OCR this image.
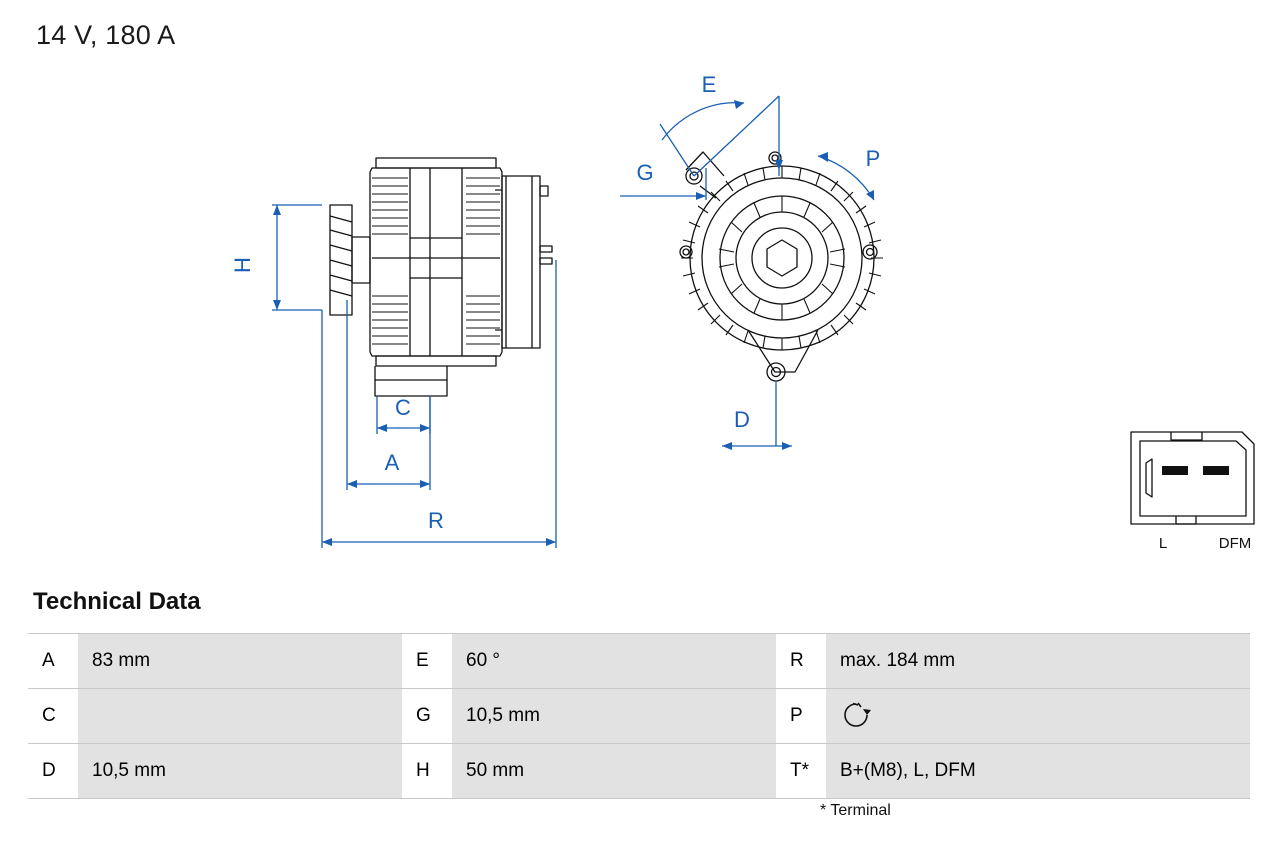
14 V, 180 A
H
C
A
R
E
G
P
D
L	DFM
Technical Data
A	83 mm	E	60 °	R	max. 184 mm
C		G	10,5 mm	P	

D	10,5 mm	H	50 mm	T*	B+(M8), L, DFM
* Terminal
